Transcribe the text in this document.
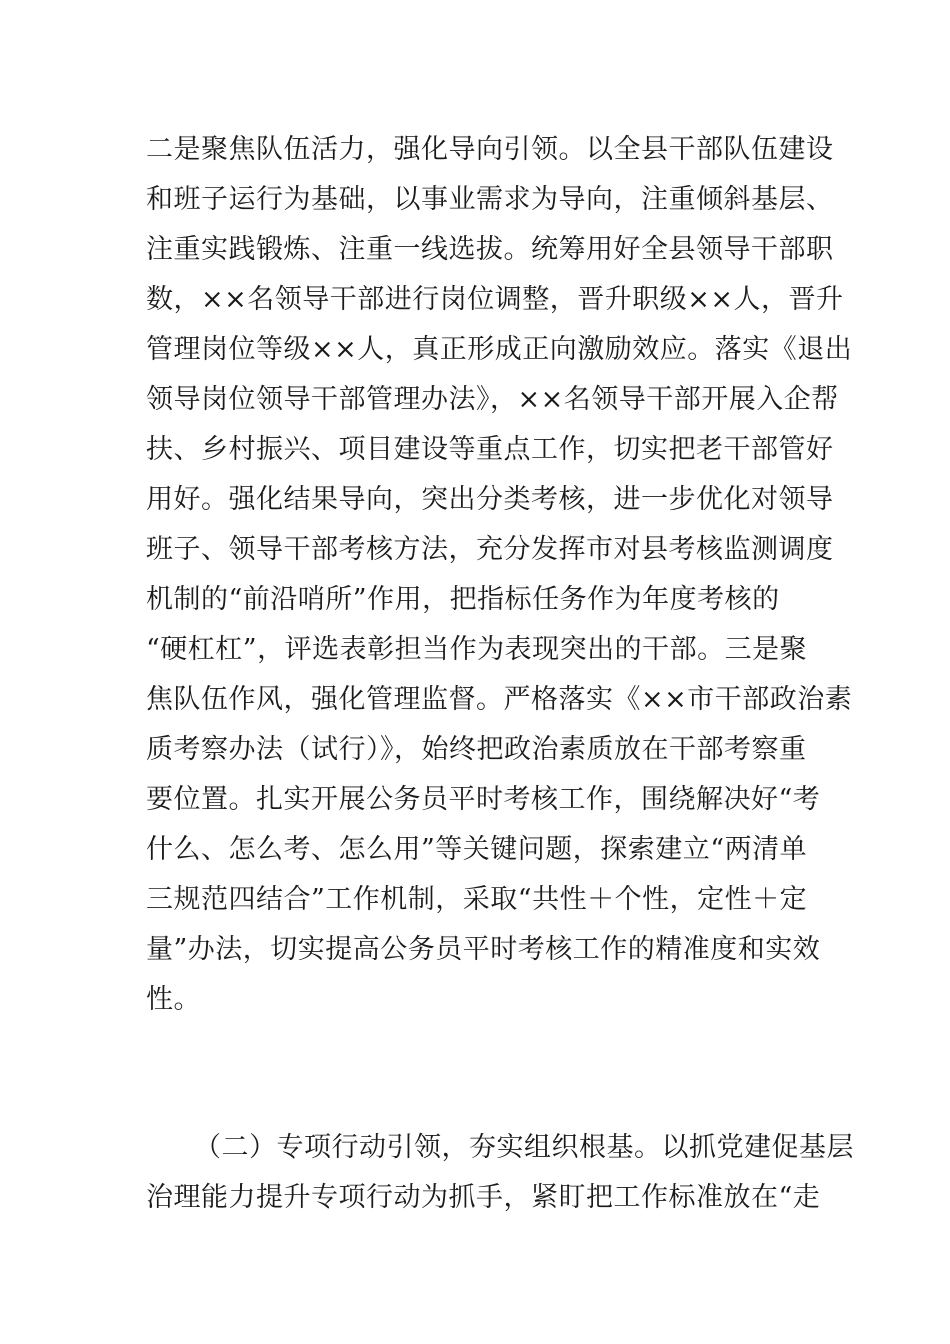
二是聚焦队伍活力，强化导向引领。以全县干部队伍建设
和班子运行为基础，以事业需求为导向，注重倾斜基层、
注重实践锻炼、注重一线选拔。统筹用好全县领导干部职
数，××名领导干部进行岗位调整，晋升职级××人，晋升
管理岗位等级××人，真正形成正向激励效应。落实《退出
领导岗位领导干部管理办法》，××名领导干部开展入企帮
扶、乡村振兴、项目建设等重点工作，切实把老干部管好
用好。强化结果导向，突出分类考核，进一步优化对领导
班子、领导干部考核方法，充分发挥市对县考核监测调度
机制的“前沿哨所”作用，把指标任务作为年度考核的
“硬杠杠”，评选表彰担当作为表现突出的干部。三是聚
焦队伍作风，强化管理监督。严格落实《××市干部政治素
质考察办法（试行）》，始终把政治素质放在干部考察重
要位置。扎实开展公务员平时考核工作，围绕解决好“考
什么、怎么考、怎么用”等关键问题，探索建立“两清单
三规范四结合”工作机制，采取“共性＋个性，定性＋定
量”办法，切实提高公务员平时考核工作的精准度和实效
性。
（二）专项行动引领，夯实组织根基。以抓党建促基层
治理能力提升专项行动为抓手，紧盯把工作标准放在“走
